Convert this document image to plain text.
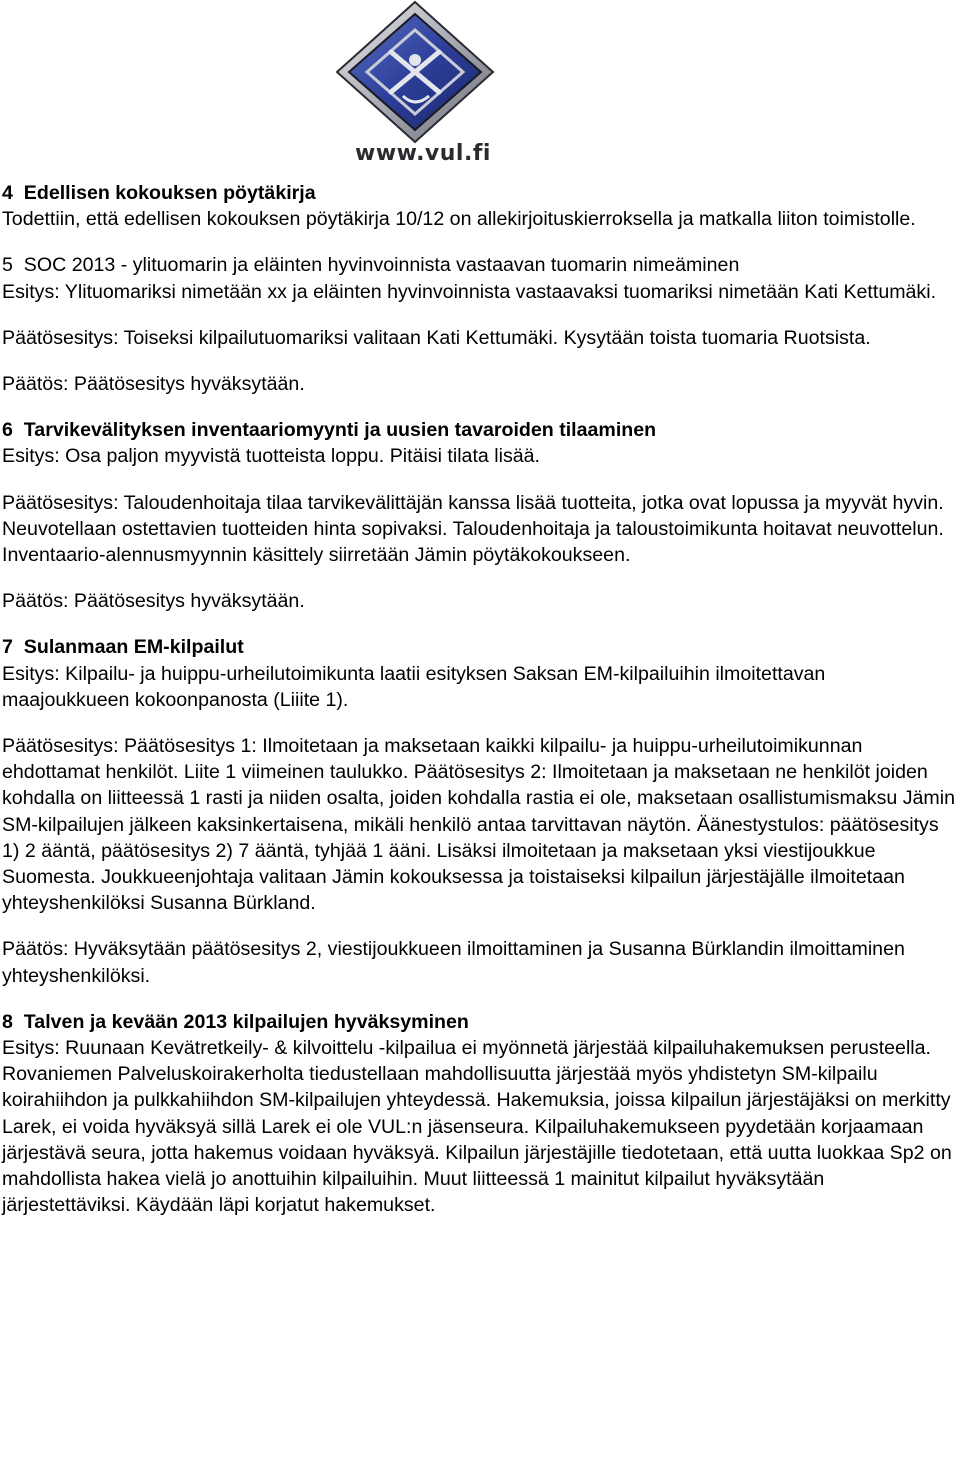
www.vul.fi

4 Edellisen kokouksen pöytäkirja

Todettiin, että edellisen kokouksen pöytäkirja 10/12 on allekirjoituskierroksella ja matkalla liiton toimistolle.

5 SOC 2013 - ylituomarin ja eläinten hyvinvoinnista vastaavan tuomarin nimeäminen

Esitys: Ylituomariksi nimetään xx ja eläinten hyvinvoinnista vastaavaksi tuomariksi nimetään Kati Kettumäki.

Päätösesitys: Toiseksi kilpailutuomariksi valitaan Kati Kettumäki. Kysytään toista tuomaria Ruotsista.

Päätös: Päätösesitys hyväksytään.

6 Tarvikevälityksen inventaariomyynti ja uusien tavaroiden tilaaminen

Esitys: Osa paljon myyvistä tuotteista loppu. Pitäisi tilata lisää.

Päätösesitys: Taloudenhoitaja tilaa tarvikevälittäjän kanssa lisää tuotteita, jotka ovat lopussa ja myyvät hyvin. Neuvotellaan ostettavien tuotteiden hinta sopivaksi. Taloudenhoitaja ja taloustoimikunta hoitavat neuvottelun. Inventaario-alennusmyynnin käsittely siirretään Jämin pöytäkokoukseen.

Päätös: Päätösesitys hyväksytään.

7 Sulanmaan EM-kilpailut

Esitys: Kilpailu- ja huippu-urheilutoimikunta laatii esityksen Saksan EM-kilpailuihin ilmoitettavan maajoukkueen kokoonpanosta (Liiite 1).

Päätösesitys: Päätösesitys 1: Ilmoitetaan ja maksetaan kaikki kilpailu- ja huippu-urheilutoimikunnan ehdottamat henkilöt. Liite 1 viimeinen taulukko. Päätösesitys 2: Ilmoitetaan ja maksetaan ne henkilöt joiden kohdalla on liitteessä 1 rasti ja niiden osalta, joiden kohdalla rastia ei ole, maksetaan osallistumismaksu Jämin SM-kilpailujen jälkeen kaksinkertaisena, mikäli henkilö antaa tarvittavan näytön. Äänestystulos: päätösesitys 1) 2 ääntä, päätösesitys 2) 7 ääntä, tyhjää 1 ääni. Lisäksi ilmoitetaan ja maksetaan yksi viestijoukkue Suomesta. Joukkueenjohtaja valitaan Jämin kokouksessa ja toistaiseksi kilpailun järjestäjälle ilmoitetaan yhteyshenkilöksi Susanna Bürkland.

Päätös: Hyväksytään päätösesitys 2, viestijoukkueen ilmoittaminen ja Susanna Bürklandin ilmoittaminen yhteyshenkilöksi.

8 Talven ja kevään 2013 kilpailujen hyväksyminen

Esitys: Ruunaan Kevätretkeily- & kilvoittelu -kilpailua ei myönnetä järjestää kilpailuhakemuksen perusteella. Rovaniemen Palveluskoirakerholta tiedustellaan mahdollisuutta järjestää myös yhdistetyn SM-kilpailu koirahiihdon ja pulkkahiihdon SM-kilpailujen yhteydessä. Hakemuksia, joissa kilpailun järjestäjäksi on merkitty Larek, ei voida hyväksyä sillä Larek ei ole VUL:n jäsenseura. Kilpailuhakemukseen pyydetään korjaamaan järjestävä seura, jotta hakemus voidaan hyväksyä. Kilpailun järjestäjille tiedotetaan, että uutta luokkaa Sp2 on mahdollista hakea vielä jo anottuihin kilpailuihin. Muut liitteessä 1 mainitut kilpailut hyväksytään järjestettäviksi. Käydään läpi korjatut hakemukset.
